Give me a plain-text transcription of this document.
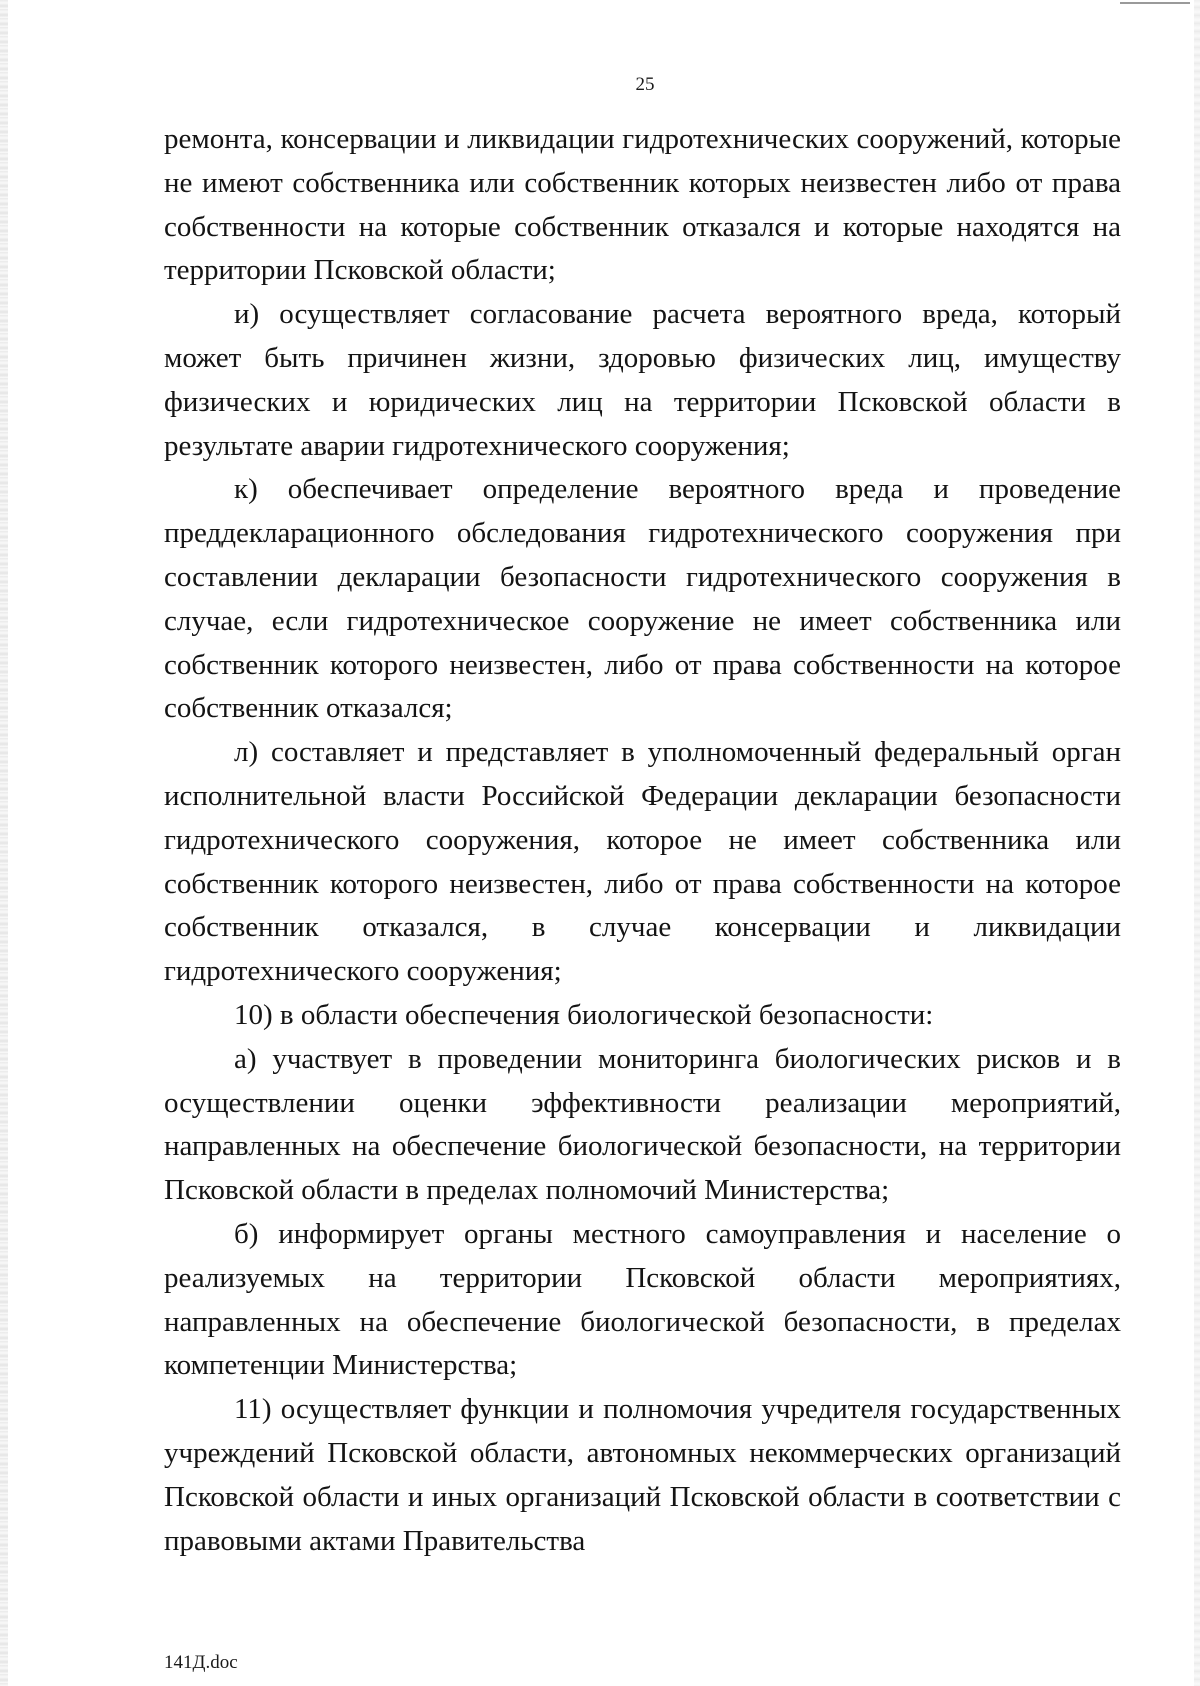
25

ремонта, консервации и ликвидации гидротехнических сооружений, которые не имеют собственника или собственник которых неизвестен либо от права собственности на которые собственник отказался и которые находятся на территории Псковской области;

и) осуществляет согласование расчета вероятного вреда, который может быть причинен жизни, здоровью физических лиц, имуществу физических и юридических лиц на территории Псковской области в результате аварии гидротехнического сооружения;

к) обеспечивает определение вероятного вреда и проведение преддекларационного обследования гидротехнического сооружения при составлении декларации безопасности гидротехнического сооружения в случае, если гидротехническое сооружение не имеет собственника или собственник которого неизвестен, либо от права собственности на которое собственник отказался;

л) составляет и представляет в уполномоченный федеральный орган исполнительной власти Российской Федерации декларации безопасности гидротехнического сооружения, которое не имеет собственника или собственник которого неизвестен, либо от права собственности на которое собственник отказался, в случае консервации и ликвидации гидротехнического сооружения;

10) в области обеспечения биологической безопасности:

а) участвует в проведении мониторинга биологических рисков и в осуществлении оценки эффективности реализации мероприятий, направленных на обеспечение биологической безопасности, на территории Псковской области в пределах полномочий Министерства;

б) информирует органы местного самоуправления и население о реализуемых на территории Псковской области мероприятиях, направленных на обеспечение биологической безопасности, в пределах компетенции Министерства;

11) осуществляет функции и полномочия учредителя государственных учреждений Псковской области, автономных некоммерческих организаций Псковской области и иных организаций Псковской области в соответствии с правовыми актами Правительства

141Д.doc
